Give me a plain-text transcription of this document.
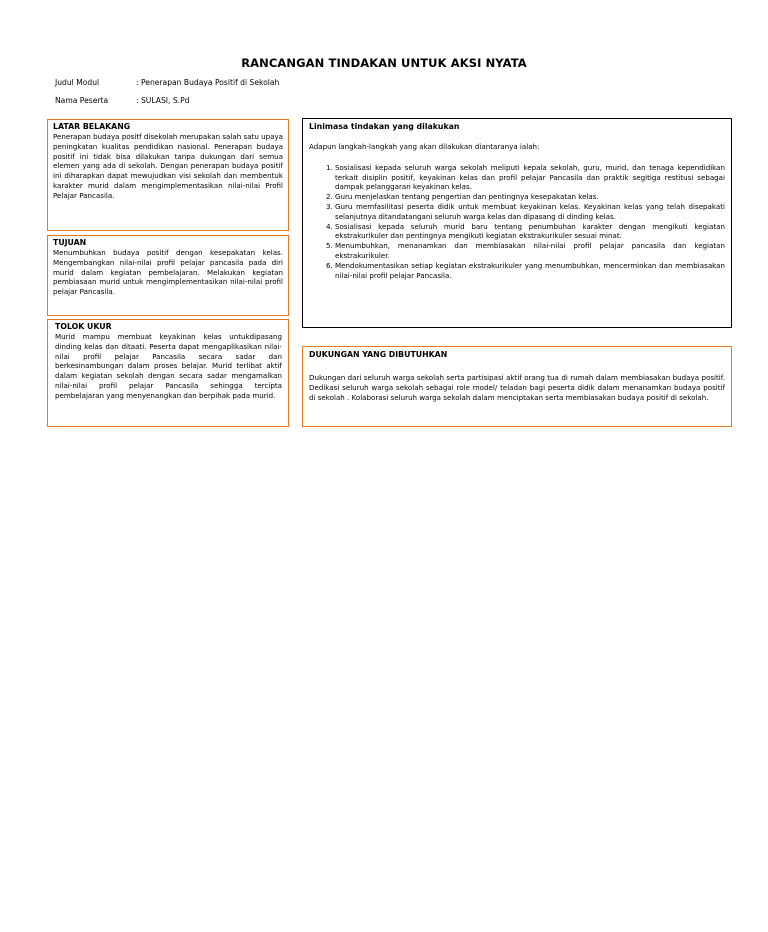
RANCANGAN TINDAKAN UNTUK AKSI NYATA
Judul Modul	: Penerapan Budaya Positif di Sekolah
Nama Peserta	: SULASI, S.Pd
LATAR BELAKANG

Penerapan budaya positf disekolah merupakan salah satu upaya peningkatan kualitas pendidikan nasional. Penerapan budaya positif ini tidak bisa dilakukan tanpa dukungan dari semua elemen yang ada di sekolah. Dengan penerapan budaya positif ini diharapkan dapat mewujudkan visi sekolah dan membentuk karakter murid dalam mengimplementasikan nilai-nilai Profil Pelajar Pancasila.

TUJUAN

Menumbuhkan budaya positif dengan kesepakatan kelas. Mengembangkan nilai-nilai profil pelajar pancasila pada diri murid dalam kegiatan pembelajaran. Melakukan kegiatan pembiasaan murid untuk mengimplementasikan nilai-nilai profil pelajar Pancasila.

TOLOK UKUR

Murid mampu membuat keyakinan kelas untukdipasang dinding kelas dan ditaati. Peserta dapat mengaplikasikan nilai-nilai profil pelajar Pancasila secara sadar dan berkesinambungan dalam proses belajar. Murid terlibat aktif dalam kegiatan sekolah dengan secara sadar mengamalkan nilai-nilai profil pelajar Pancasila sehingga tercipta pembelajaran yang menyenangkan dan berpihak pada murid.

Linimasa tindakan yang dilakukan

Adapun langkah-langkah yang akan dilakukan diantaranya ialah:

1. Sosialisasi kepada seluruh warga sekolah meliputi kepala sekolah, guru, murid, dan tenaga kependidikan terkait disiplin positif, keyakinan kelas dan profil pelajar Pancasila dan praktik segitiga restitusi sebagai dampak pelanggaran keyakinan kelas.
2. Guru menjelaskan tentang pengertian dan pentingnya kesepakatan kelas.
3. Guru memfasilitasi peserta didik untuk membuat keyakinan kelas. Keyakinan kelas yang telah disepakati selanjutnya ditandatangani seluruh warga kelas dan dipasang di dinding kelas.
4. Sosialisasi kepada seluruh murid baru tentang penumbuhan karakter dengan mengikuti kegiatan ekstrakurikuler dan pentingnya mengikuti kegiatan ekstrakurikuler sesuai minat.
5. Menumbuhkan, menanamkan dan membiasakan nilai-nilai profil pelajar pancasila dan kegiatan ekstrakurikuler.
6. Mendokumentasikan setiap kegiatan ekstrakurikuler yang menumbuhkan, mencerminkan dan membiasakan nilai-nilai profil pelajar Pancasila.
DUKUNGAN YANG DIBUTUHKAN

Dukungan dari seluruh warga sekolah serta partisipasi aktif orang tua di rumah dalam membiasakan budaya positif. Dedikasi seluruh warga sekolah sebagai role model/ teladan bagi peserta didik dalam menanamkan budaya positif di sekolah . Kolaborasi seluruh warga sekolah dalam menciptakan serta membiasakan budaya positif di sekolah.
